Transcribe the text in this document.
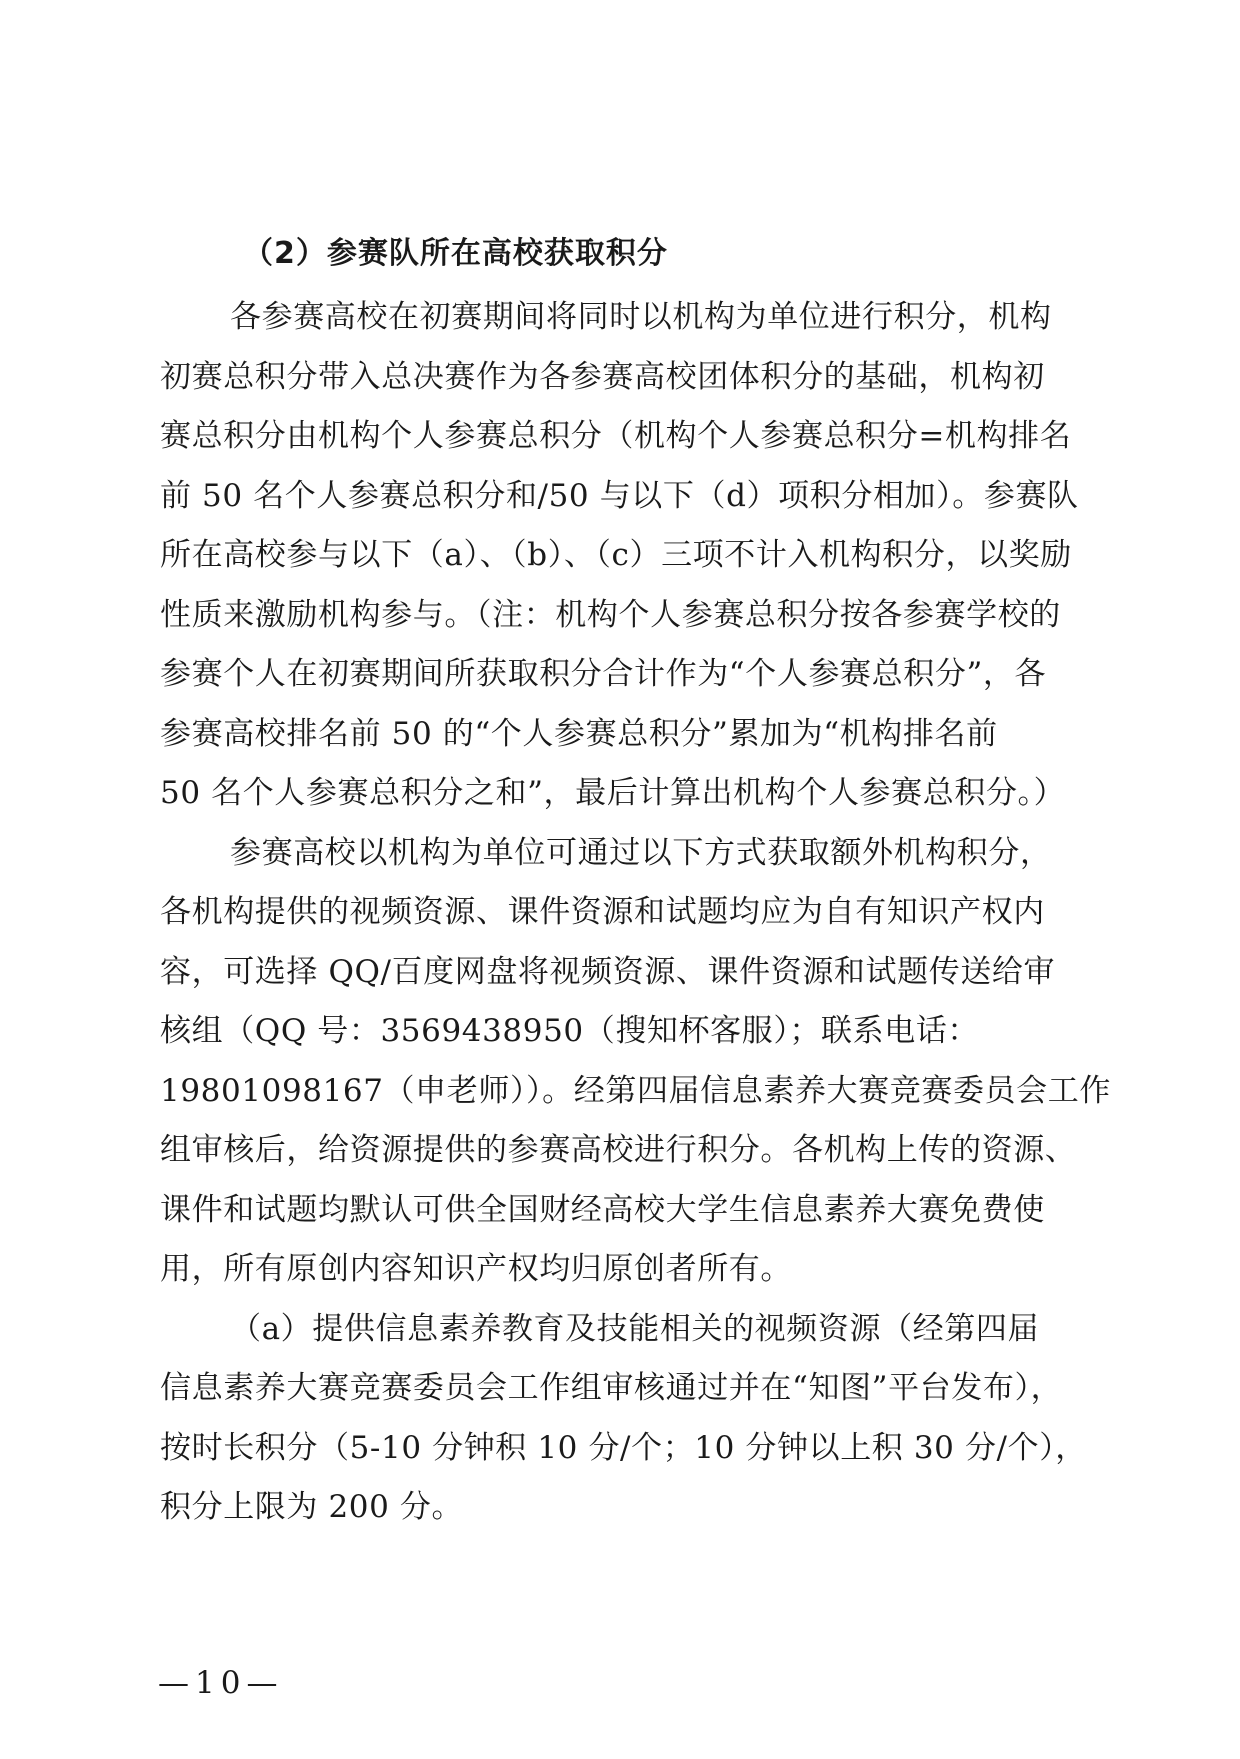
（2）参赛队所在高校获取积分
各参赛高校在初赛期间将同时以机构为单位进行积分，机构
初赛总积分带入总决赛作为各参赛高校团体积分的基础，机构初
赛总积分由机构个人参赛总积分（机构个人参赛总积分=机构排名
前 50 名个人参赛总积分和/50 与以下（d）项积分相加）。参赛队
所在高校参与以下（a）、（b）、（c）三项不计入机构积分，以奖励
性质来激励机构参与。（注：机构个人参赛总积分按各参赛学校的
参赛个人在初赛期间所获取积分合计作为“个人参赛总积分”，各
参赛高校排名前 50 的“个人参赛总积分”累加为“机构排名前
50 名个人参赛总积分之和”，最后计算出机构个人参赛总积分。）
参赛高校以机构为单位可通过以下方式获取额外机构积分，
各机构提供的视频资源、课件资源和试题均应为自有知识产权内
容，可选择 QQ/百度网盘将视频资源、课件资源和试题传送给审
核组（QQ 号：3569438950（搜知杯客服）；联系电话：
19801098167（申老师））。经第四届信息素养大赛竞赛委员会工作
组审核后，给资源提供的参赛高校进行积分。各机构上传的资源、
课件和试题均默认可供全国财经高校大学生信息素养大赛免费使
用，所有原创内容知识产权均归原创者所有。
（a）提供信息素养教育及技能相关的视频资源（经第四届
信息素养大赛竞赛委员会工作组审核通过并在“知图”平台发布），
按时长积分（5-10 分钟积 10 分/个；10 分钟以上积 30 分/个），
积分上限为 200 分。
—10—
